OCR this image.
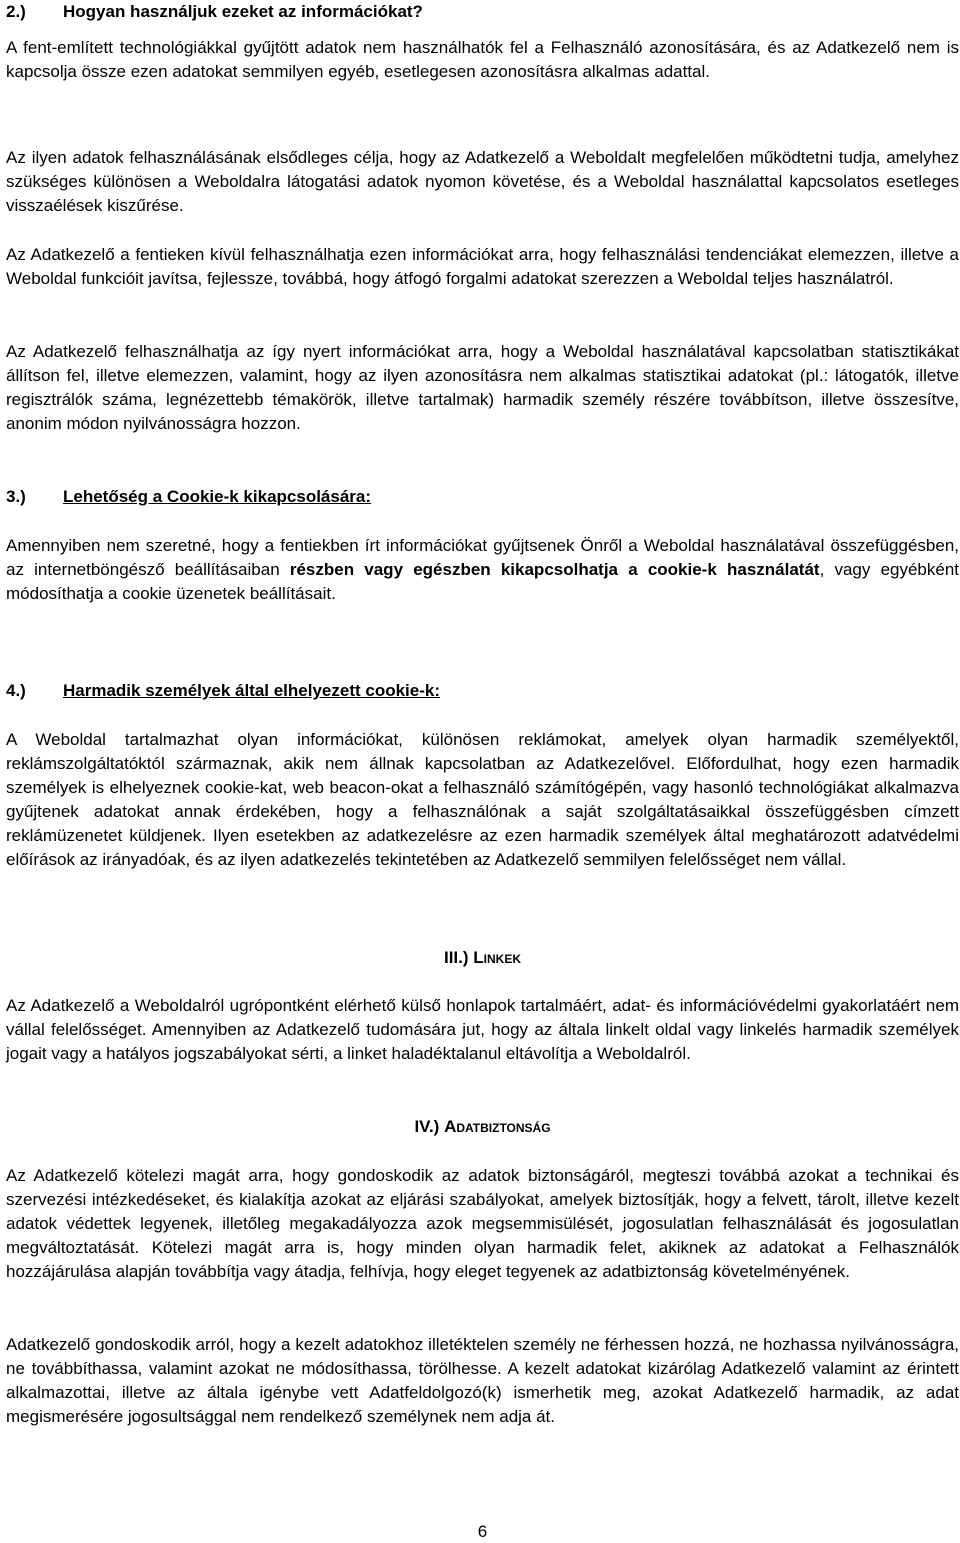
2.) Hogyan használjuk ezeket az információkat?

A fent-említett technológiákkal gyűjtött adatok nem használhatók fel a Felhasználó azonosítására, és az Adatkezelő nem is kapcsolja össze ezen adatokat semmilyen egyéb, esetlegesen azonosításra alkalmas adattal.

Az ilyen adatok felhasználásának elsődleges célja, hogy az Adatkezelő a Weboldalt megfelelően működtetni tudja, amelyhez szükséges különösen a Weboldalra látogatási adatok nyomon követése, és a Weboldal használattal kapcsolatos esetleges visszaélések kiszűrése.

Az Adatkezelő a fentieken kívül felhasználhatja ezen információkat arra, hogy felhasználási tendenciákat elemezzen, illetve a Weboldal funkcióit javítsa, fejlessze, továbbá, hogy átfogó forgalmi adatokat szerezzen a Weboldal teljes használatról.

Az Adatkezelő felhasználhatja az így nyert információkat arra, hogy a Weboldal használatával kapcsolatban statisztikákat állítson fel, illetve elemezzen, valamint, hogy az ilyen azonosításra nem alkalmas statisztikai adatokat (pl.: látogatók, illetve regisztrálók száma, legnézettebb témakörök, illetve tartalmak) harmadik személy részére továbbítson, illetve összesítve, anonim módon nyilvánosságra hozzon.

3.) Lehetőség a Cookie-k kikapcsolására:

Amennyiben nem szeretné, hogy a fentiekben írt információkat gyűjtsenek Önről a Weboldal használatával összefüggésben, az internetböngésző beállításaiban részben vagy egészben kikapcsolhatja a cookie-k használatát, vagy egyébként módosíthatja a cookie üzenetek beállításait.

4.) Harmadik személyek által elhelyezett cookie-k:

A Weboldal tartalmazhat olyan információkat, különösen reklámokat, amelyek olyan harmadik személyektől, reklámszolgáltatóktól származnak, akik nem állnak kapcsolatban az Adatkezelővel. Előfordulhat, hogy ezen harmadik személyek is elhelyeznek cookie-kat, web beacon-okat a felhasználó számítógépén, vagy hasonló technológiákat alkalmazva gyűjtenek adatokat annak érdekében, hogy a felhasználónak a saját szolgáltatásaikkal összefüggésben címzett reklámüzenetet küldjenek. Ilyen esetekben az adatkezelésre az ezen harmadik személyek által meghatározott adatvédelmi előírások az irányadóak, és az ilyen adatkezelés tekintetében az Adatkezelő semmilyen felelősséget nem vállal.

III.) Linkek

Az Adatkezelő a Weboldalról ugrópontként elérhető külső honlapok tartalmáért, adat- és információvédelmi gyakorlatáért nem vállal felelősséget. Amennyiben az Adatkezelő tudomására jut, hogy az általa linkelt oldal vagy linkelés harmadik személyek jogait vagy a hatályos jogszabályokat sérti, a linket haladéktalanul eltávolítja a Weboldalról.

IV.) Adatbiztonság

Az Adatkezelő kötelezi magát arra, hogy gondoskodik az adatok biztonságáról, megteszi továbbá azokat a technikai és szervezési intézkedéseket, és kialakítja azokat az eljárási szabályokat, amelyek biztosítják, hogy a felvett, tárolt, illetve kezelt adatok védettek legyenek, illetőleg megakadályozza azok megsemmisülését, jogosulatlan felhasználását és jogosulatlan megváltoztatását. Kötelezi magát arra is, hogy minden olyan harmadik felet, akiknek az adatokat a Felhasználók hozzájárulása alapján továbbítja vagy átadja, felhívja, hogy eleget tegyenek az adatbiztonság követelményének.

Adatkezelő gondoskodik arról, hogy a kezelt adatokhoz illetéktelen személy ne férhessen hozzá, ne hozhassa nyilvánosságra, ne továbbíthassa, valamint azokat ne módosíthassa, törölhesse. A kezelt adatokat kizárólag Adatkezelő valamint az érintett alkalmazottai, illetve az általa igénybe vett Adatfeldolgozó(k) ismerhetik meg, azokat Adatkezelő harmadik, az adat megismerésére jogosultsággal nem rendelkező személynek nem adja át.

6
